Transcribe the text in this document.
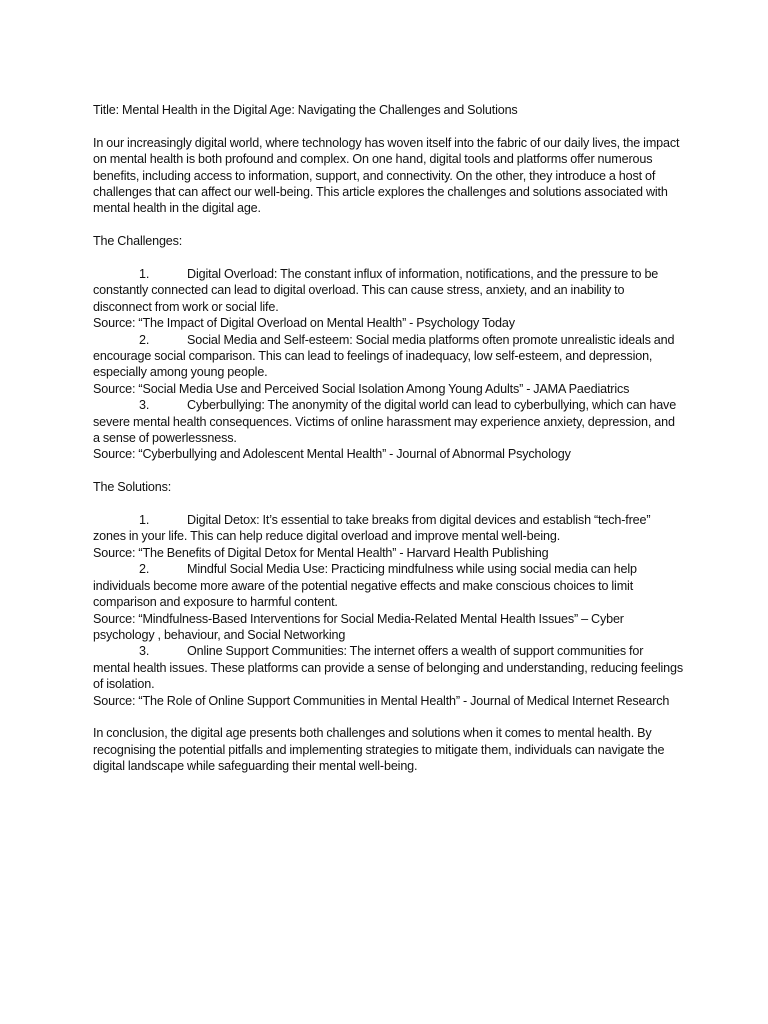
Title: Mental Health in the Digital Age: Navigating the Challenges and Solutions

In our increasingly digital world, where technology has woven itself into the fabric of our daily lives, the impact on mental health is both profound and complex. On one hand, digital tools and platforms offer numerous benefits, including access to information, support, and connectivity. On the other, they introduce a host of challenges that can affect our well-being. This article explores the challenges and solutions associated with mental health in the digital age.

The Challenges:

1.	Digital Overload: The constant influx of information, notifications, and the pressure to be constantly connected can lead to digital overload. This can cause stress, anxiety, and an inability to disconnect from work or social life.

Source: “The Impact of Digital Overload on Mental Health” - Psychology Today

2.	Social Media and Self-esteem: Social media platforms often promote unrealistic ideals and encourage social comparison. This can lead to feelings of inadequacy, low self-esteem, and depression, especially among young people.

Source: “Social Media Use and Perceived Social Isolation Among Young Adults” - JAMA Paediatrics

3.	Cyberbullying: The anonymity of the digital world can lead to cyberbullying, which can have severe mental health consequences. Victims of online harassment may experience anxiety, depression, and a sense of powerlessness.

Source: “Cyberbullying and Adolescent Mental Health” - Journal of Abnormal Psychology

The Solutions:

1.	Digital Detox: It’s essential to take breaks from digital devices and establish “tech-free” zones in your life. This can help reduce digital overload and improve mental well-being.

Source: “The Benefits of Digital Detox for Mental Health” - Harvard Health Publishing

2.	Mindful Social Media Use: Practicing mindfulness while using social media can help individuals become more aware of the potential negative effects and make conscious choices to limit comparison and exposure to harmful content.

Source: “Mindfulness-Based Interventions for Social Media-Related Mental Health Issues” – Cyber psychology , behaviour, and Social Networking

3.	Online Support Communities: The internet offers a wealth of support communities for mental health issues. These platforms can provide a sense of belonging and understanding, reducing feelings of isolation.

Source: “The Role of Online Support Communities in Mental Health” - Journal of Medical Internet Research

In conclusion, the digital age presents both challenges and solutions when it comes to mental health. By recognising the potential pitfalls and implementing strategies to mitigate them, individuals can navigate the digital landscape while safeguarding their mental well-being.
